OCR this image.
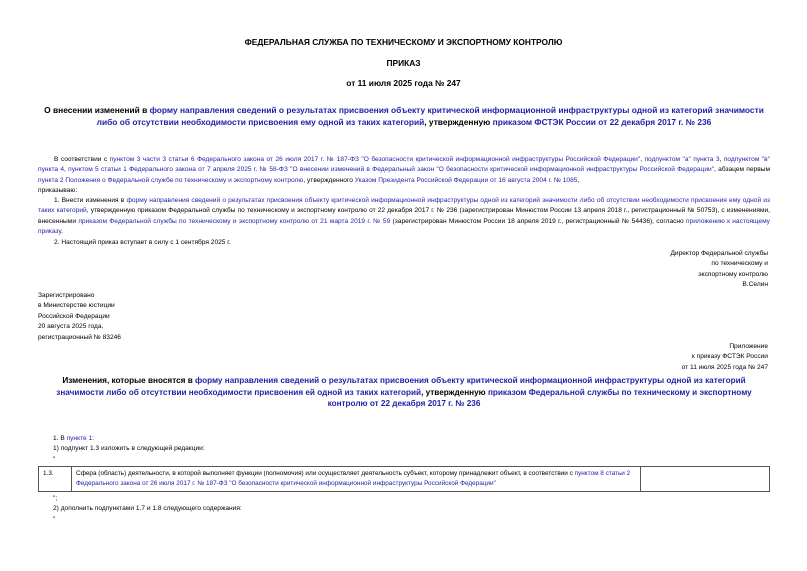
ФЕДЕРАЛЬНАЯ СЛУЖБА ПО ТЕХНИЧЕСКОМУ И ЭКСПОРТНОМУ КОНТРОЛЮ
ПРИКАЗ
от 11 июля 2025 года № 247
О внесении изменений в форму направления сведений о результатах присвоения объекту критической информационной инфраструктуры одной из категорий значимости либо об отсутствии необходимости присвоения ему одной из таких категорий, утвержденную приказом ФСТЭК России от 22 декабря 2017 г. № 236
В соответствии с пунктом 3 части 3 статьи 6 Федерального закона от 26 июля 2017 г. № 187-ФЗ "О безопасности критической информационной инфраструктуры Российской Федерации", подпунктом "а" пункта 3, подпунктом "в" пункта 4, пунктом 5 статьи 1 Федерального закона от 7 апреля 2025 г. № 58-ФЗ "О внесении изменений в Федеральный закон "О безопасности критической информационной инфраструктуры Российской Федерации", абзацем первым пункта 2 Положения о Федеральной службе по техническому и экспортному контролю, утвержденного Указом Президента Российской Федерации от 16 августа 2004 г. № 1085,
приказываю:
1. Внести изменения в форму направления сведений о результатах присвоения объекту критической информационной инфраструктуры одной из категорий значимости либо об отсутствии необходимости присвоения ему одной из таких категорий, утвержденную приказом Федеральной службы по техническому и экспортному контролю от 22 декабря 2017 г. № 236 (зарегистрирован Минюстом России 13 апреля 2018 г., регистрационный № 50753), с изменениями, внесенными приказом Федеральной службы по техническому и экспортному контролю от 21 марта 2019 г. № 59 (зарегистрирован Минюстом России 18 апреля 2019 г., регистрационный № 54436), согласно приложению к настоящему приказу.
2. Настоящий приказ вступает в силу с 1 сентября 2025 г.
Директор Федеральной службы
по техническому и
экспортному контролю
В.Селин
Зарегистрировано
в Министерстве юстиции
Российской Федерации
20 августа 2025 года,
регистрационный № 83246
Приложение
к приказу ФСТЭК России
от 11 июля 2025 года № 247
Изменения, которые вносятся в форму направления сведений о результатах присвоения объекту критической информационной инфраструктуры одной из категорий значимости либо об отсутствии необходимости присвоения ей одной из таких категорий, утвержденную приказом Федеральной службы по техническому и экспортному контролю от 22 декабря 2017 г. № 236
1. В пункте 1:
1) подпункт 1.3 изложить в следующей редакции:
"
1.3.	Сфера (область) деятельности, в которой выполняет функции (полномочия) или осуществляет деятельность субъект, которому принадлежит объект, в соответствии с пунктом 8 статьи 2 Федерального закона от 26 июля 2017 г. № 187-ФЗ "О безопасности критической информационной инфраструктуры Российской Федерации"	
";
2) дополнить подпунктами 1.7 и 1.8 следующего содержания:
"
